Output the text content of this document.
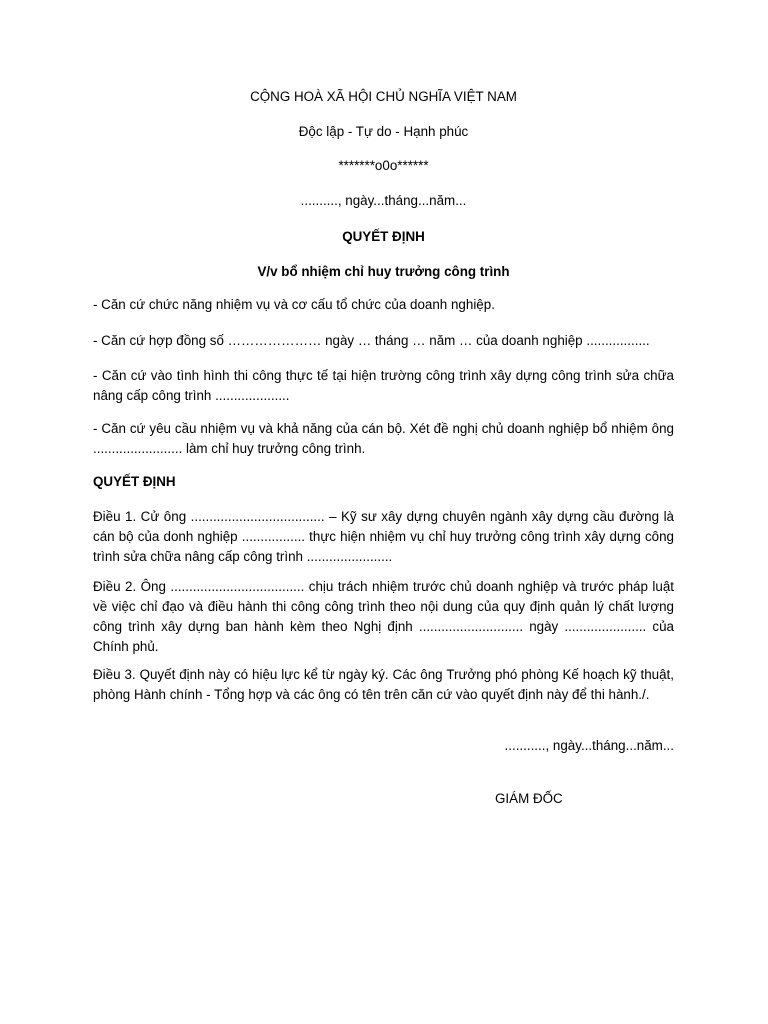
CỘNG HOÀ XÃ HỘI CHỦ NGHĨA VIỆT NAM
Độc lập - Tự do - Hạnh phúc
*******o0o******
.........., ngày...tháng...năm...
QUYẾT ĐỊNH
V/v bổ nhiệm chỉ huy trưởng công trình
- Căn cứ chức năng nhiệm vụ và cơ cấu tổ chức của doanh nghiệp.
- Căn cứ hợp đồng số ………………… ngày … tháng … năm … của doanh nghiệp .................
- Căn cứ vào tình hình thi công thực tế tại hiện trường công trình xây dựng công trình sửa chữa nâng cấp công trình ....................
- Căn cứ yêu cầu nhiệm vụ và khả năng của cán bộ. Xét đề nghị chủ doanh nghiệp bổ nhiệm ông ........................ làm chỉ huy trưởng công trình.
QUYẾT ĐỊNH
Điều 1. Cử ông .................................... – Kỹ sư xây dựng chuyên ngành xây dựng cầu đường là cán bộ của donh nghiệp ................. thực hiện nhiệm vụ chỉ huy trưởng công trình xây dựng công trình sửa chữa nâng cấp công trình .......................
Điều 2. Ông .................................... chịu trách nhiệm trước chủ doanh nghiệp và trước pháp luật về việc chỉ đạo và điều hành thi công công trình theo nội dung của quy định quản lý chất lượng công trình xây dựng ban hành kèm theo Nghị định ............................ ngày ...................... của Chính phủ.
Điều 3. Quyết định này có hiệu lực kể từ ngày ký. Các ông Trưởng phó phòng Kế hoạch kỹ thuật, phòng Hành chính - Tổng hợp và các ông có tên trên căn cứ vào quyết định này để thi hành./.
..........., ngày...tháng...năm...
GIÁM ĐỐC
